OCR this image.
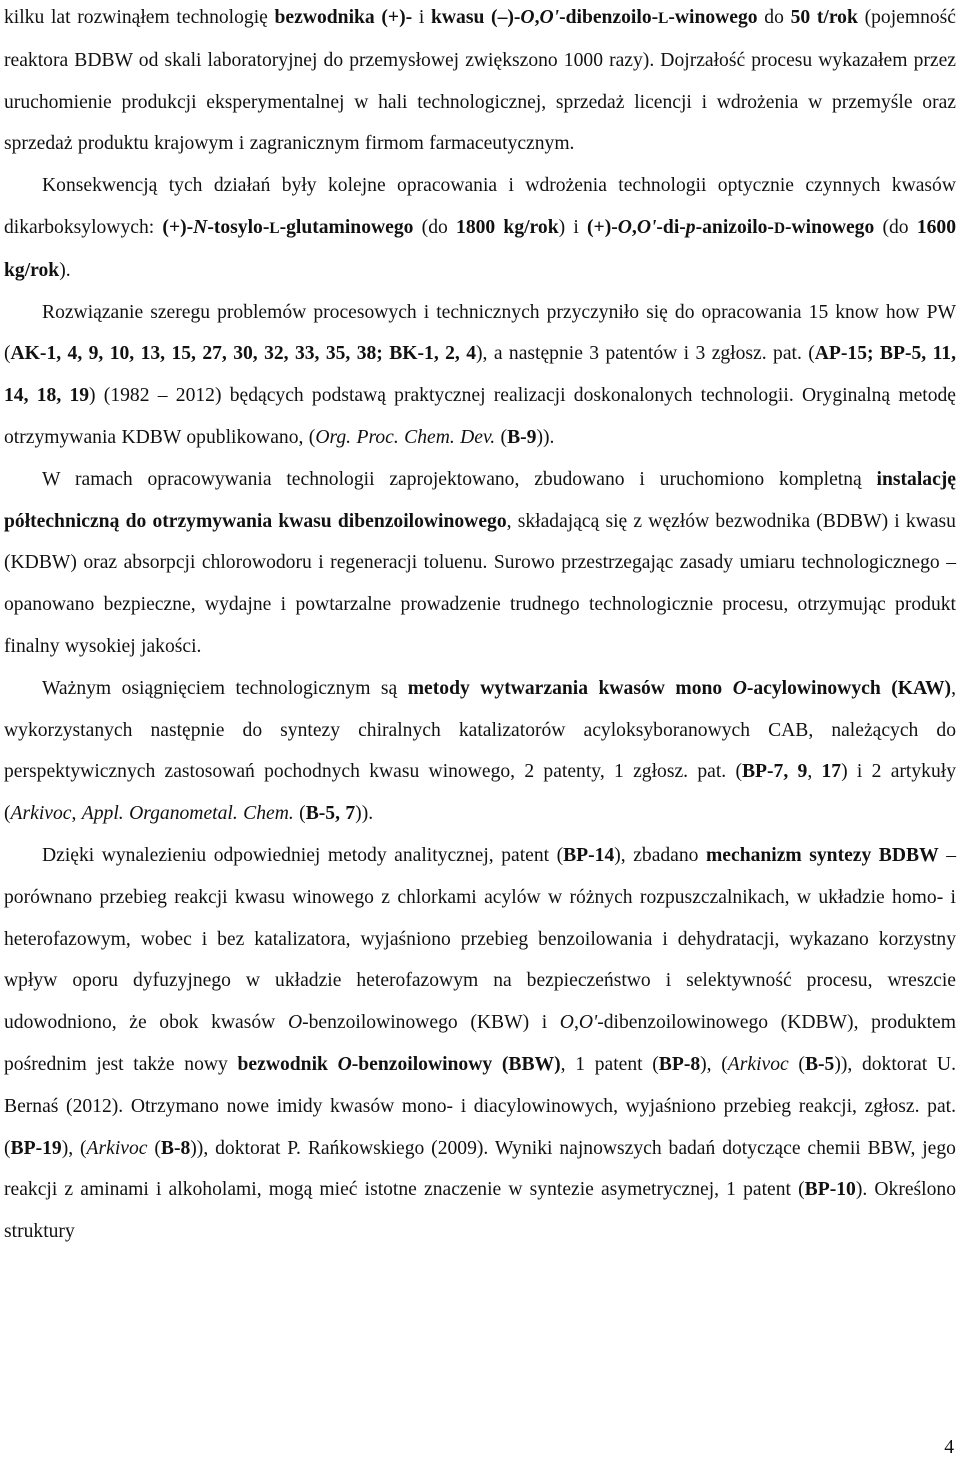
kilku lat rozwinąłem technologię bezwodnika (+)- i kwasu (–)-O,O'-dibenzoilo-L-winowego do 50 t/rok (pojemność reaktora BDBW od skali laboratoryjnej do przemysłowej zwiększono 1000 razy). Dojrzałość procesu wykazałem przez uruchomienie produkcji eksperymentalnej w hali technologicznej, sprzedaż licencji i wdrożenia w przemyśle oraz sprzedaż produktu krajowym i zagranicznym firmom farmaceutycznym.

Konsekwencją tych działań były kolejne opracowania i wdrożenia technologii optycznie czynnych kwasów dikarboksylowych: (+)-N-tosylo-L-glutaminowego (do 1800 kg/rok) i (+)-O,O'-di-p-anizoilo-D-winowego (do 1600 kg/rok).

Rozwiązanie szeregu problemów procesowych i technicznych przyczyniło się do opracowania 15 know how PW (AK-1, 4, 9, 10, 13, 15, 27, 30, 32, 33, 35, 38; BK-1, 2, 4), a następnie 3 patentów i 3 zgłosz. pat. (AP-15; BP-5, 11, 14, 18, 19) (1982 – 2012) będących podstawą praktycznej realizacji doskonalonych technologii. Oryginalną metodę otrzymywania KDBW opublikowano, (Org. Proc. Chem. Dev. (B-9)).

W ramach opracowywania technologii zaprojektowano, zbudowano i uruchomiono kompletną instalację półtechniczną do otrzymywania kwasu dibenzoilowinowego, składającą się z węzłów bezwodnika (BDBW) i kwasu (KDBW) oraz absorpcji chlorowodoru i regeneracji toluenu. Surowo przestrzegając zasady umiaru technologicznego – opanowano bezpieczne, wydajne i powtarzalne prowadzenie trudnego technologicznie procesu, otrzymując produkt finalny wysokiej jakości.

Ważnym osiągnięciem technologicznym są metody wytwarzania kwasów mono O-acylowinowych (KAW), wykorzystanych następnie do syntezy chiralnych katalizatorów acyloksyboranowych CAB, należących do perspektywicznych zastosowań pochodnych kwasu winowego, 2 patenty, 1 zgłosz. pat. (BP-7, 9, 17) i 2 artykuły (Arkivoc, Appl. Organometal. Chem. (B-5, 7)).

Dzięki wynalezieniu odpowiedniej metody analitycznej, patent (BP-14), zbadano mechanizm syntezy BDBW – porównano przebieg reakcji kwasu winowego z chlorkami acylów w różnych rozpuszczalnikach, w układzie homo- i heterofazowym, wobec i bez katalizatora, wyjaśniono przebieg benzoilowania i dehydratacji, wykazano korzystny wpływ oporu dyfuzyjnego w układzie heterofazowym na bezpieczeństwo i selektywność procesu, wreszcie udowodniono, że obok kwasów O-benzoilowinowego (KBW) i O,O'-dibenzoilowinowego (KDBW), produktem pośrednim jest także nowy bezwodnik O-benzoilowinowy (BBW), 1 patent (BP-8), (Arkivoc (B-5)), doktorat U. Bernaś (2012). Otrzymano nowe imidy kwasów mono- i diacylowinowych, wyjaśniono przebieg reakcji, zgłosz. pat. (BP-19), (Arkivoc (B-8)), doktorat P. Rańkowskiego (2009). Wyniki najnowszych badań dotyczące chemii BBW, jego reakcji z aminami i alkoholami, mogą mieć istotne znaczenie w syntezie asymetrycznej, 1 patent (BP-10). Określono struktury

4
